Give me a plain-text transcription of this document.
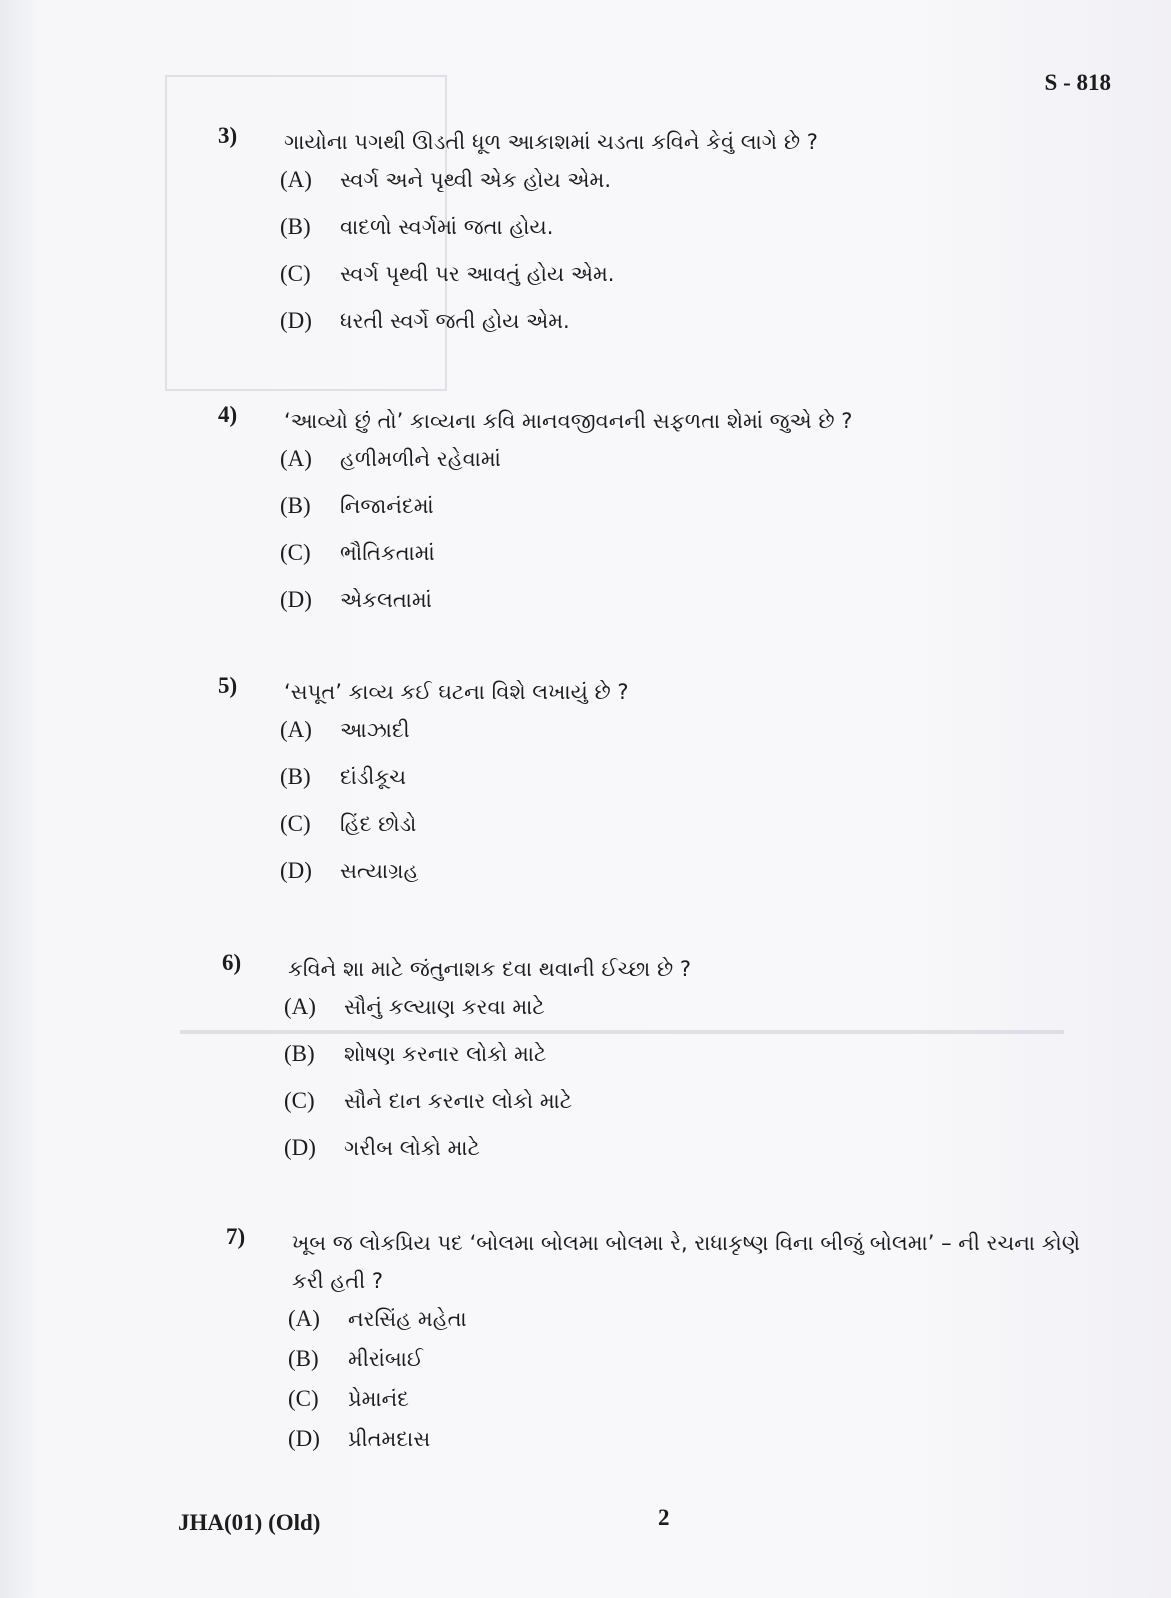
S - 818
3) ગાયોના પગથી ઊડતી ધૂળ આકાશમાં ચડતા કવિને કેવું લાગે છે ?
(A)	સ્વર્ગ અને પૃથ્વી એક હોય એમ.
(B)	વાદળો સ્વર્ગમાં જતા હોય.
(C)	સ્વર્ગ પૃથ્વી પર આવતું હોય એમ.
(D)	ધરતી સ્વર્ગે જતી હોય એમ.
4) ‘આવ્યો છું તો’ કાવ્યના કવિ માનવજીવનની સફળતા શેમાં જુએ છે ?
(A)	હળીમળીને રહેવામાં
(B)	નિજાનંદમાં
(C)	ભૌતિકતામાં
(D)	એકલતામાં
5) ‘સપૂત’ કાવ્ય કઈ ઘટના વિશે લખાયું છે ?
(A)	આઝાદી
(B)	દાંડીકૂચ
(C)	હિંદ છોડો
(D)	સત્યાગ્રહ
6) કવિને શા માટે જંતુનાશક દવા થવાની ઈચ્છા છે ?
(A)	સૌનું કલ્યાણ કરવા માટે
(B)	શોષણ કરનાર લોકો માટે
(C)	સૌને દાન કરનાર લોકો માટે
(D)	ગરીબ લોકો માટે
7) ખૂબ જ લોકપ્રિય પદ ‘બોલમા બોલમા બોલમા રે, રાધાકૃષ્ણ વિના બીજું બોલમા’ – ની રચના કોણે કરી હતી ?
(A)	નરસિંહ મહેતા
(B)	મીરાંબાઈ
(C)	પ્રેમાનંદ
(D)	પ્રીતમદાસ
JHA(01) (Old)	2
